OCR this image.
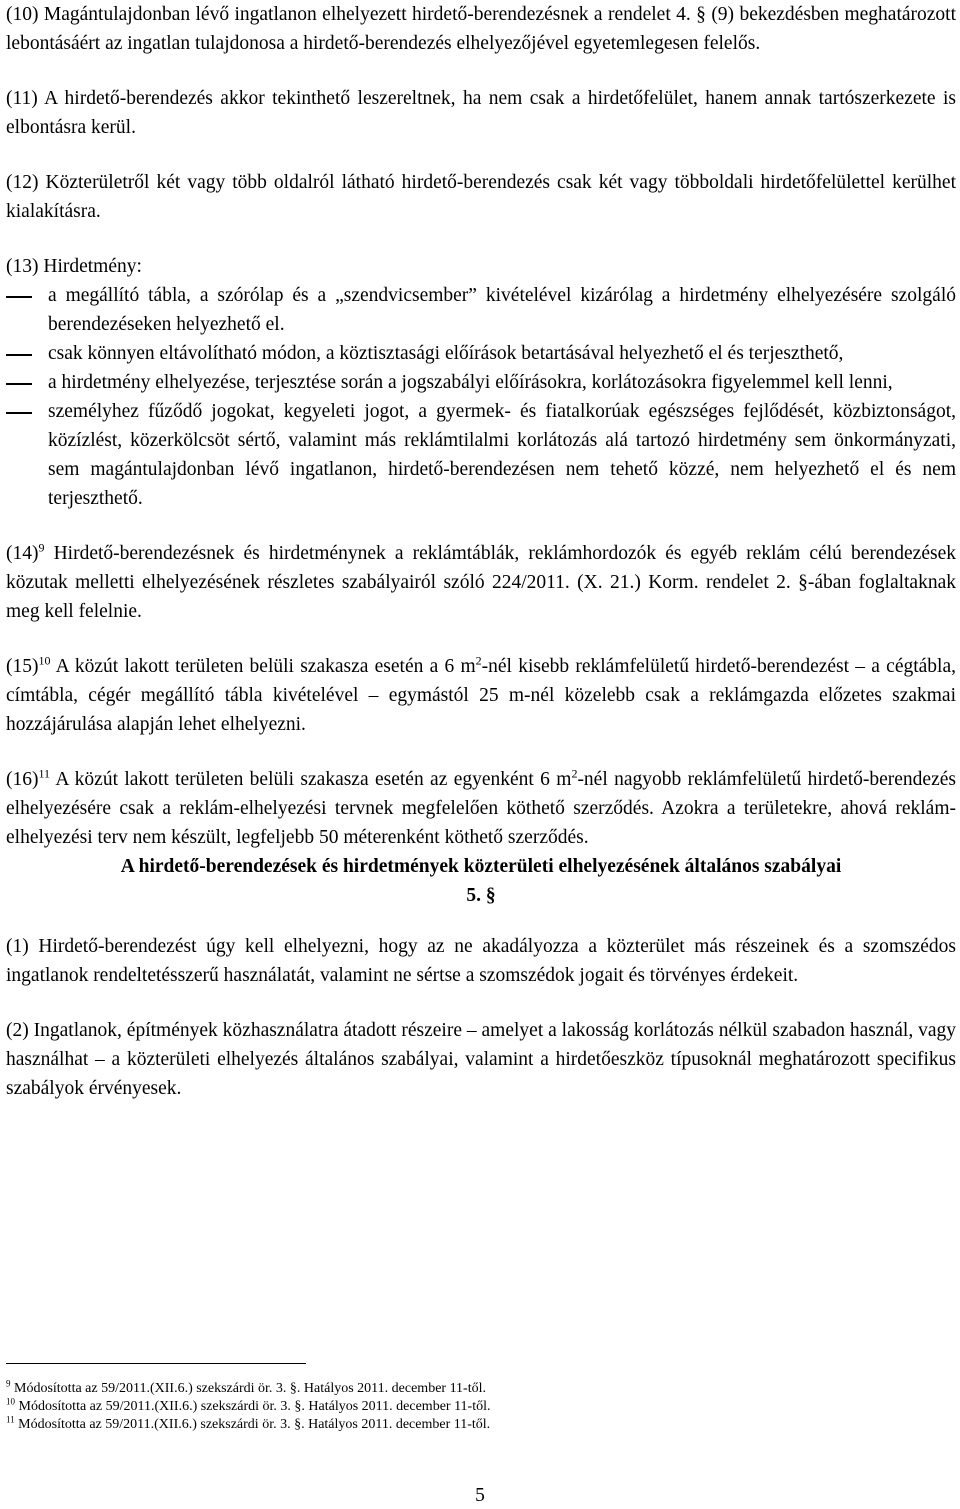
(10) Magántulajdonban lévő ingatlanon elhelyezett hirdető-berendezésnek a rendelet 4. § (9) bekezdésben meghatározott lebontásáért az ingatlan tulajdonosa a hirdető-berendezés elhelyezőjével egyetemlegesen felelős.

(11) A hirdető-berendezés akkor tekinthető leszereltnek, ha nem csak a hirdetőfelület, hanem annak tartószerkezete is elbontásra kerül.

(12) Közterületről két vagy több oldalról látható hirdető-berendezés csak két vagy többoldali hirdetőfelülettel kerülhet kialakításra.

(13) Hirdetmény:

a megállító tábla, a szórólap és a „szendvicsember” kivételével kizárólag a hirdetmény elhelyezésére szolgáló berendezéseken helyezhető el.
csak könnyen eltávolítható módon, a köztisztasági előírások betartásával helyezhető el és terjeszthető,
a hirdetmény elhelyezése, terjesztése során a jogszabályi előírásokra, korlátozásokra figyelemmel kell lenni,
személyhez fűződő jogokat, kegyeleti jogot, a gyermek- és fiatalkorúak egészséges fejlődését, közbiztonságot, közízlést, közerkölcsöt sértő, valamint más reklámtilalmi korlátozás alá tartozó hirdetmény sem önkormányzati, sem magántulajdonban lévő ingatlanon, hirdető-berendezésen nem tehető közzé, nem helyezhető el és nem terjeszthető.

$(14)^9$ Hirdető-berendezésnek és hirdetménynek a reklámtáblák, reklámhordozók és egyéb reklám célú berendezések közutak melletti elhelyezésének részletes szabályairól szóló 224/2011. (X. 21.) Korm. rendelet 2. §-ában foglaltaknak meg kell felelnie.

$(15)^{10}$ A közút lakott területen belüli szakasza esetén a 6 $m^2$-nél kisebb reklámfelületű hirdető-berendezést – a cégtábla, címtábla, cégér megállító tábla kivételével – egymástól 25 m-nél közelebb csak a reklámgazda előzetes szakmai hozzájárulása alapján lehet elhelyezni.

$(16)^{11}$ A közút lakott területen belüli szakasza esetén az egyenként 6 $m^2$-nél nagyobb reklámfelületű hirdető-berendezés elhelyezésére csak a reklám-elhelyezési tervnek megfelelően köthető szerződés. Azokra a területekre, ahová reklám-elhelyezési terv nem készült, legfeljebb 50 méterenként köthető szerződés.

A hirdető-berendezések és hirdetmények közterületi elhelyezésének általános szabályai

5. §

(1) Hirdető-berendezést úgy kell elhelyezni, hogy az ne akadályozza a közterület más részeinek és a szomszédos ingatlanok rendeltetésszerű használatát, valamint ne sértse a szomszédok jogait és törvényes érdekeit.

(2) Ingatlanok, építmények közhasználatra átadott részeire – amelyet a lakosság korlátozás nélkül szabadon használ, vagy használhat – a közterületi elhelyezés általános szabályai, valamint a hirdetőeszköz típusoknál meghatározott specifikus szabályok érvényesek.

$^9$ Módosította az 59/2011.(XII.6.) szekszárdi ör. 3. §. Hatályos 2011. december 11-től.

$^{10}$ Módosította az 59/2011.(XII.6.) szekszárdi ör. 3. §. Hatályos 2011. december 11-től.

$^{11}$ Módosította az 59/2011.(XII.6.) szekszárdi ör. 3. §. Hatályos 2011. december 11-től.

5
